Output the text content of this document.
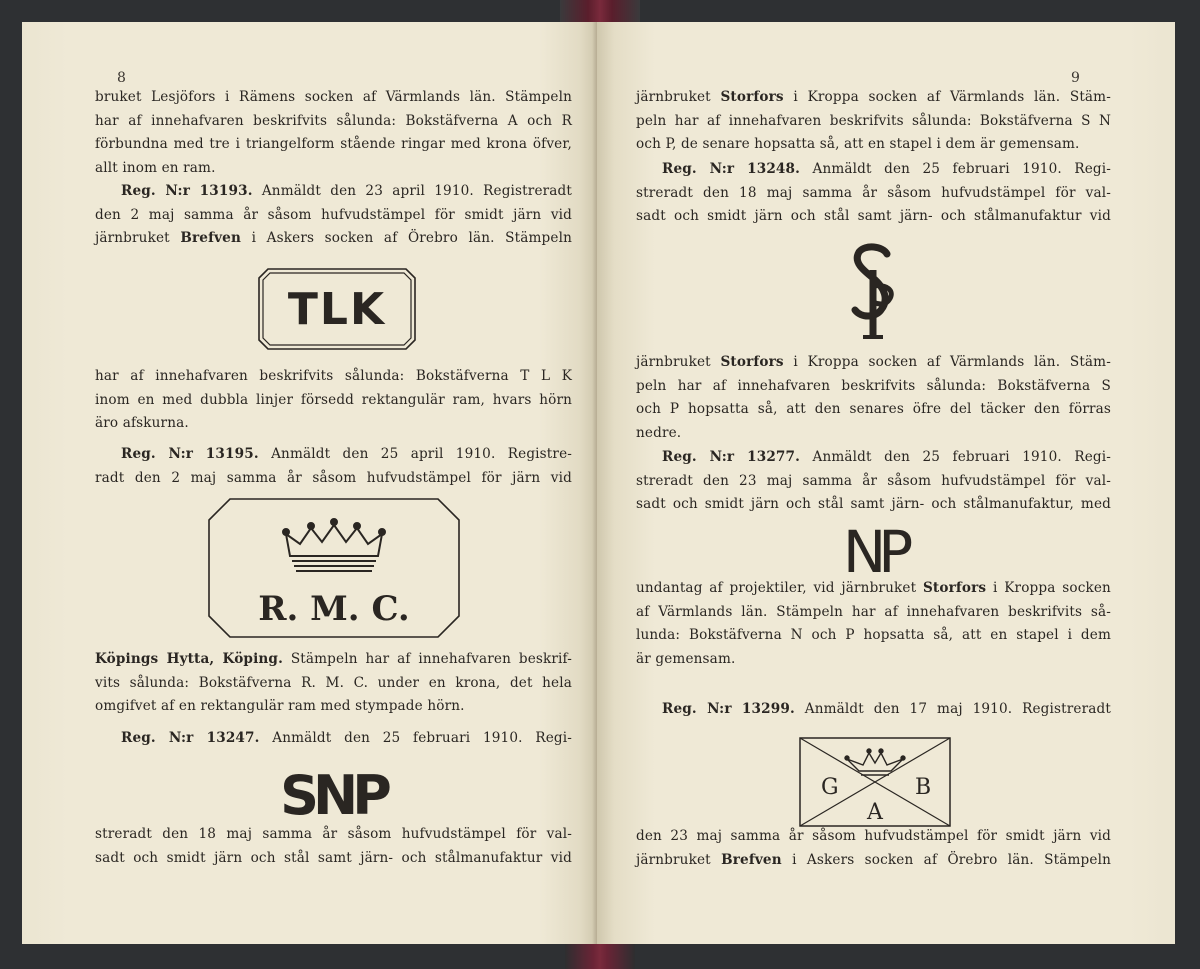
8
bruket Lesjöfors i Rämens socken af Värmlands län. Stämpeln
har af innehafvaren beskrifvits sålunda: Bokstäfverna A och R
förbundna med tre i triangelform stående ringar med krona öfver,
allt inom en ram.
Reg. N:r 13193. Anmäldt den 23 april 1910. Registreradt
den 2 maj samma år såsom hufvudstämpel för smidt järn vid
järnbruket Brefven i Askers socken af Örebro län. Stämpeln
TLK
har af innehafvaren beskrifvits sålunda: Bokstäfverna T L K
inom en med dubbla linjer försedd rektangulär ram, hvars hörn
äro afskurna.
Reg. N:r 13195. Anmäldt den 25 april 1910. Registre-
radt den 2 maj samma år såsom hufvudstämpel för järn vid
R. M. C.
Köpings Hytta, Köping. Stämpeln har af innehafvaren beskrif-
vits sålunda: Bokstäfverna R. M. C. under en krona, det hela
omgifvet af en rektangulär ram med stympade hörn.
Reg. N:r 13247. Anmäldt den 25 februari 1910. Regi-
SNP
streradt den 18 maj samma år såsom hufvudstämpel för val-
sadt och smidt järn och stål samt järn- och stålmanufaktur vid
9
järnbruket Storfors i Kroppa socken af Värmlands län. Stäm-
peln har af innehafvaren beskrifvits sålunda: Bokstäfverna S N
och P, de senare hopsatta så, att en stapel i dem är gemensam.
Reg. N:r 13248. Anmäldt den 25 februari 1910. Regi-
streradt den 18 maj samma år såsom hufvudstämpel för val-
sadt och smidt järn och stål samt järn- och stålmanufaktur vid
SP
järnbruket Storfors i Kroppa socken af Värmlands län. Stäm-
peln har af innehafvaren beskrifvits sålunda: Bokstäfverna S
och P hopsatta så, att den senares öfre del täcker den förras
nedre.
Reg. N:r 13277. Anmäldt den 25 februari 1910. Regi-
streradt den 23 maj samma år såsom hufvudstämpel för val-
sadt och smidt järn och stål samt järn- och stålmanufaktur, med
NP
undantag af projektiler, vid järnbruket Storfors i Kroppa socken
af Värmlands län. Stämpeln har af innehafvaren beskrifvits så-
lunda: Bokstäfverna N och P hopsatta så, att en stapel i dem
är gemensam.
Reg. N:r 13299. Anmäldt den 17 maj 1910. Registreradt
G	B
A
den 23 maj samma år såsom hufvudstämpel för smidt järn vid
järnbruket Brefven i Askers socken af Örebro län. Stämpeln
